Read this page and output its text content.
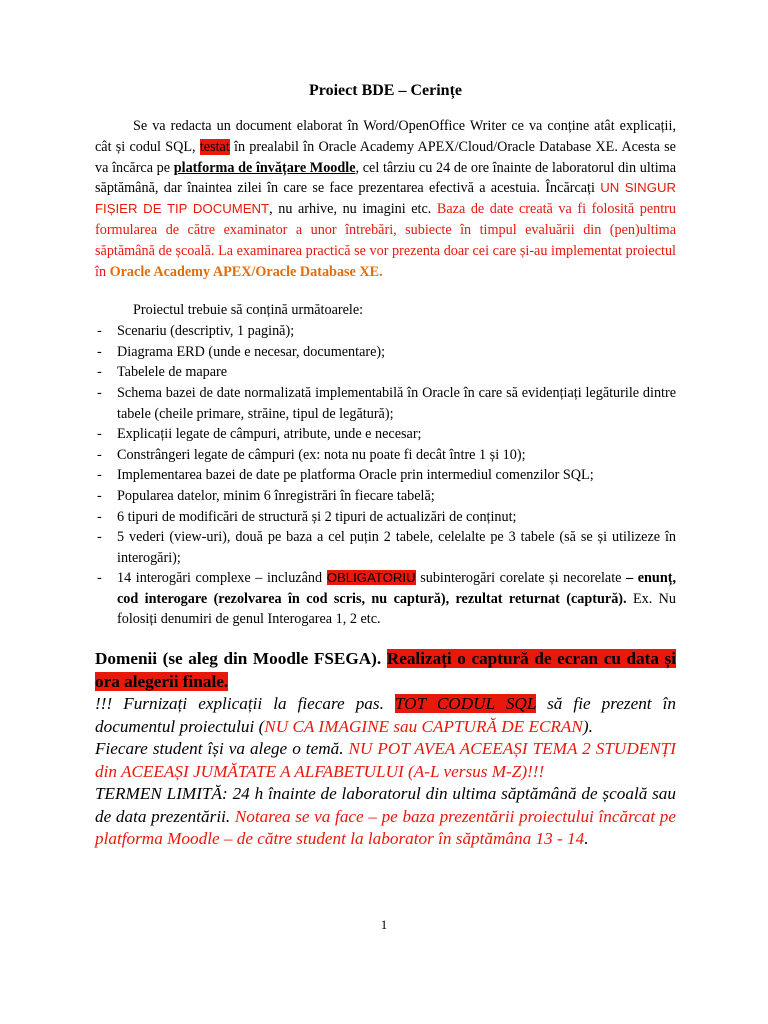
Proiect BDE – Cerințe

Se va redacta un document elaborat în Word/OpenOffice Writer ce va conține atât explicații, cât și codul SQL, testat în prealabil în Oracle Academy APEX/Cloud/Oracle Database XE. Acesta se va încărca pe platforma de învățare Moodle, cel târziu cu 24 de ore înainte de laboratorul din ultima săptămână, dar înaintea zilei în care se face prezentarea efectivă a acestuia. Încărcați UN SINGUR FIȘIER DE TIP DOCUMENT, nu arhive, nu imagini etc. Baza de date creată va fi folosită pentru formularea de către examinator a unor întrebări, subiecte în timpul evaluării din (pen)ultima săptămână de școală. La examinarea practică se vor prezenta doar cei care și-au implementat proiectul în Oracle Academy APEX/Oracle Database XE.

Proiectul trebuie să conțină următoarele:

- Scenariu (descriptiv, 1 pagină);
- Diagrama ERD (unde e necesar, documentare);
- Tabelele de mapare
- Schema bazei de date normalizată implementabilă în Oracle în care să evidențiați legăturile dintre tabele (cheile primare, străine, tipul de legătură);
- Explicații legate de câmpuri, atribute, unde e necesar;
- Constrângeri legate de câmpuri (ex: nota nu poate fi decât între 1 și 10);
- Implementarea bazei de date pe platforma Oracle prin intermediul comenzilor SQL;
- Popularea datelor, minim 6 înregistrări în fiecare tabelă;
- 6 tipuri de modificări de structură și 2 tipuri de actualizări de conținut;
- 5 vederi (view-uri), două pe baza a cel puțin 2 tabele, celelalte pe 3 tabele (să se și utilizeze în interogări);
- 14 interogări complexe – incluzând OBLIGATORIU subinterogări corelate și necorelate – enunț, cod interogare (rezolvarea în cod scris, nu captură), rezultat returnat (captură). Ex. Nu folosiți denumiri de genul Interogarea 1, 2 etc.

Domenii (se aleg din Moodle FSEGA). Realizați o captură de ecran cu data și ora alegerii finale.

!!! Furnizați explicații la fiecare pas. TOT CODUL SQL să fie prezent în documentul proiectului (NU CA IMAGINE sau CAPTURĂ DE ECRAN).

Fiecare student își va alege o temă. NU POT AVEA ACEEAȘI TEMA 2 STUDENȚI din ACEEAȘI JUMĂTATE A ALFABETULUI (A-L versus M-Z)!!!

TERMEN LIMITĂ: 24 h înainte de laboratorul din ultima săptămână de școală sau de data prezentării. Notarea se va face – pe baza prezentării proiectului încărcat pe platforma Moodle – de către student la laborator în săptămâna 13 - 14.

1
